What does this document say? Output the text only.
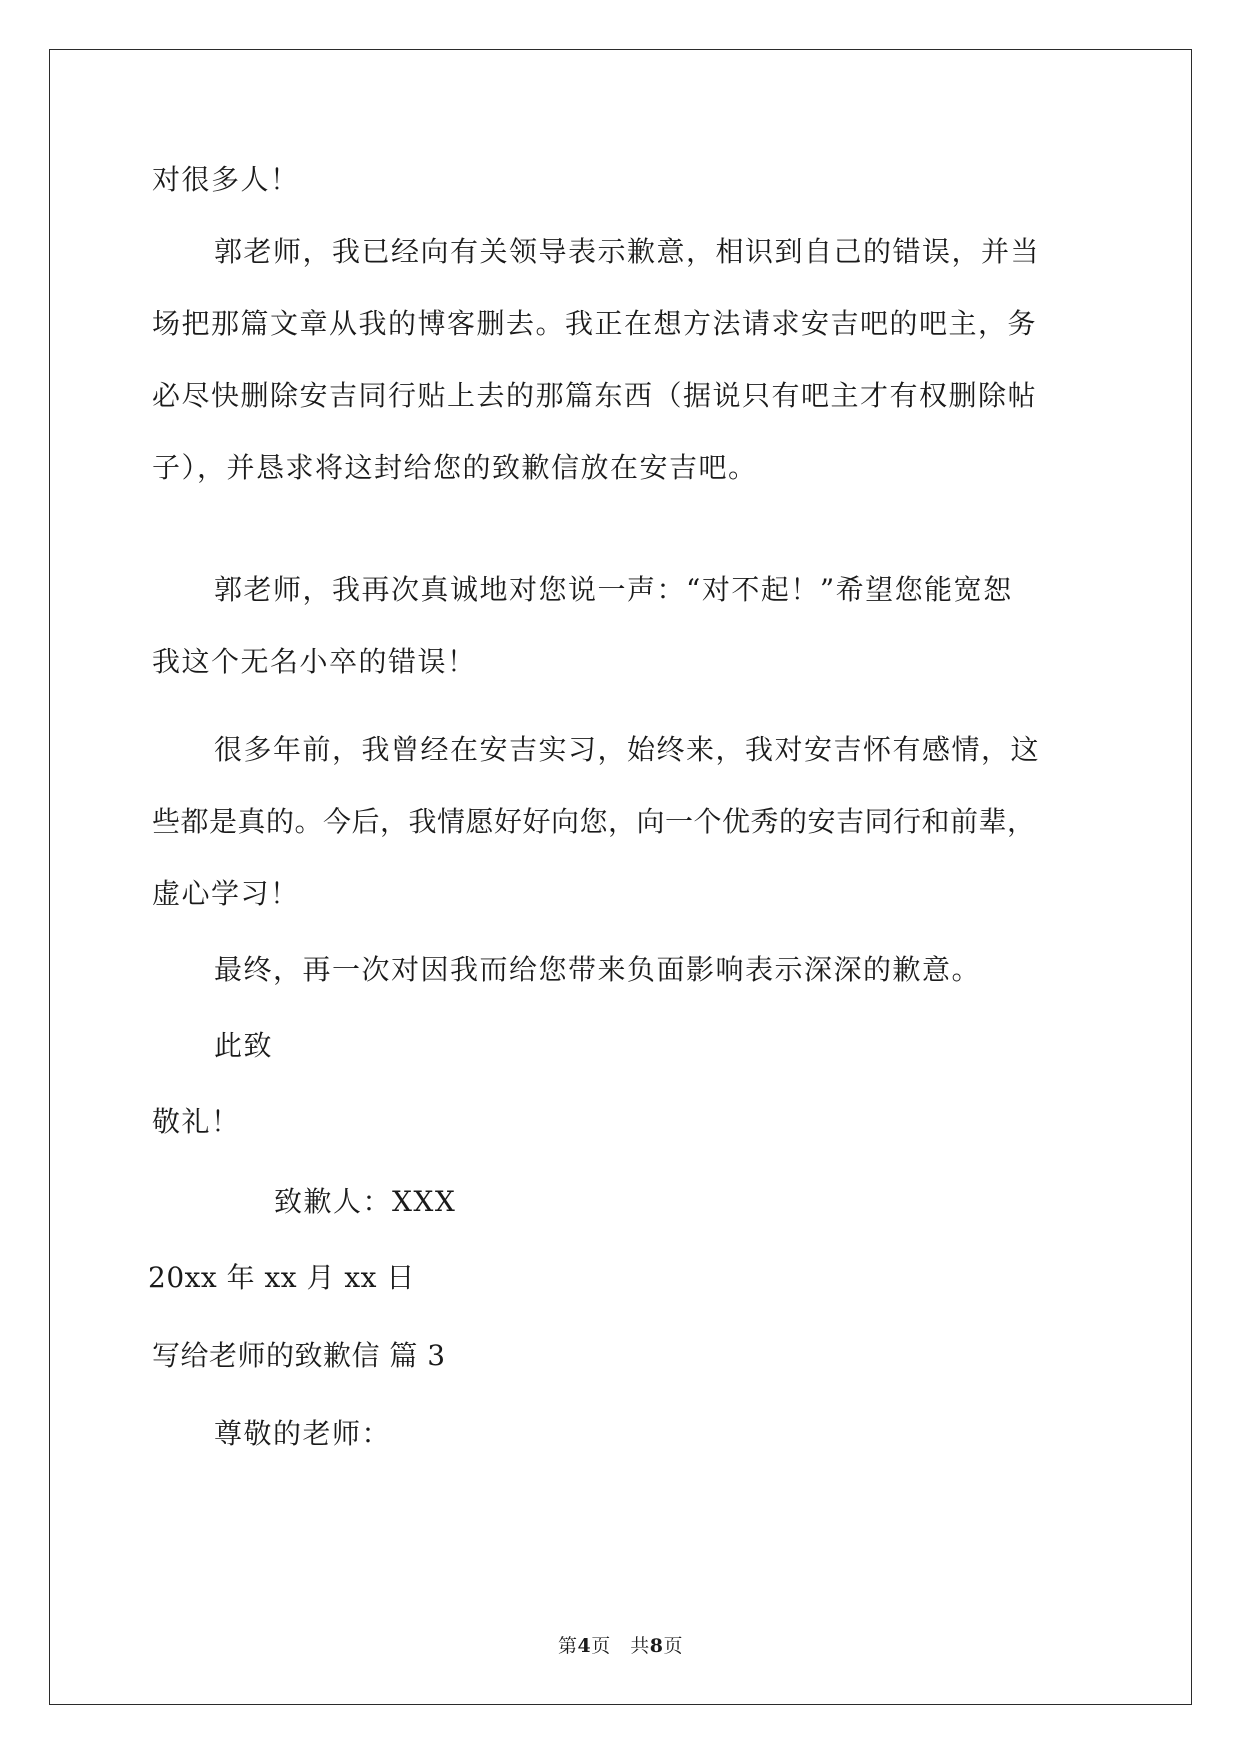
对很多人！
郭老师，我已经向有关领导表示歉意，相识到自己的错误，并当
场把那篇文章从我的博客删去。我正在想方法请求安吉吧的吧主，务
必尽快删除安吉同行贴上去的那篇东西（据说只有吧主才有权删除帖
子），并恳求将这封给您的致歉信放在安吉吧。
郭老师，我再次真诚地对您说一声：“对不起！”希望您能宽恕
我这个无名小卒的错误！
很多年前，我曾经在安吉实习，始终来，我对安吉怀有感情，这
些都是真的。今后，我情愿好好向您，向一个优秀的安吉同行和前辈，
虚心学习！
最终，再一次对因我而给您带来负面影响表示深深的歉意。
此致
敬礼！
致歉人：XXX
20xx 年 xx 月 xx 日
写给老师的致歉信 篇 3
尊敬的老师：
第4页　共8页
